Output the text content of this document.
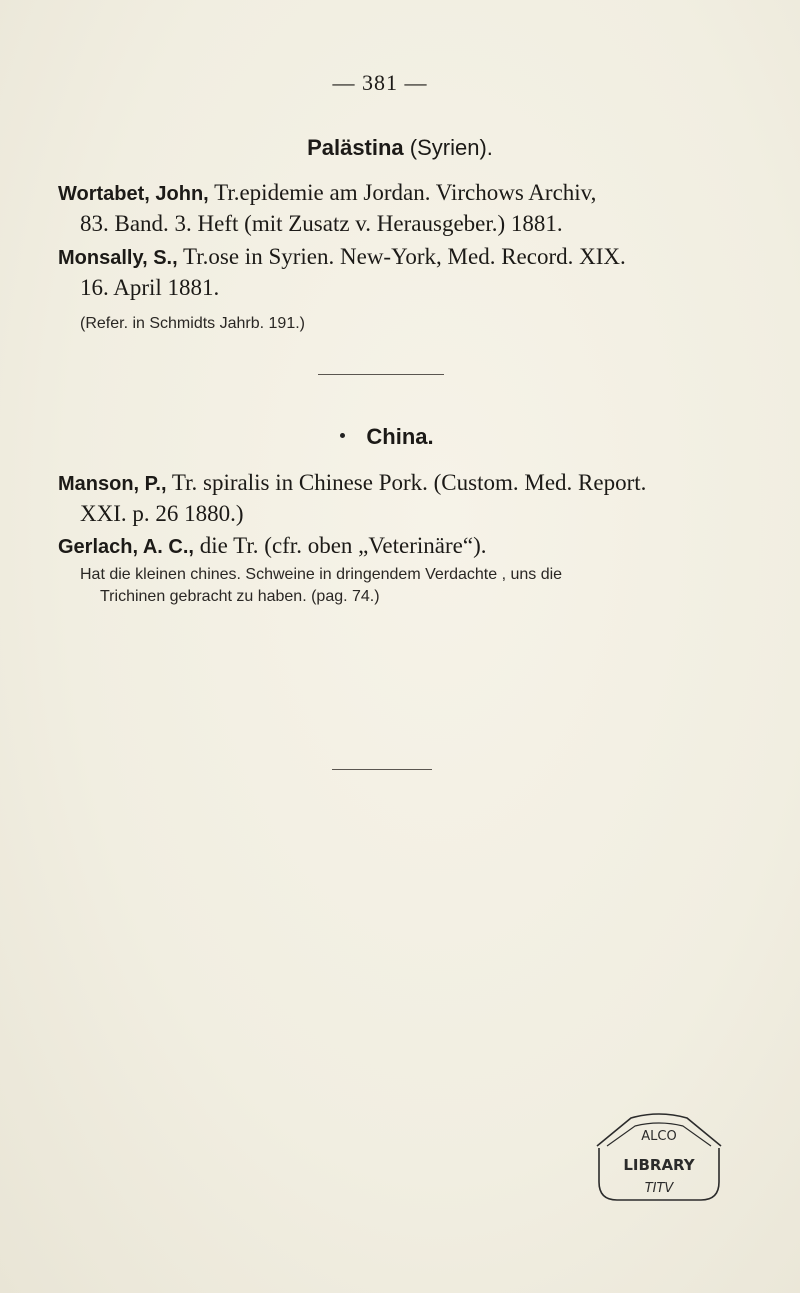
— 381 —
Palästina (Syrien).
Wortabet, John, Tr.epidemie am Jordan. Virchows Archiv,
83. Band. 3. Heft (mit Zusatz v. Herausgeber.) 1881.
Monsally, S., Tr.ose in Syrien. New-York, Med. Record. XIX.
16. April 1881.
(Refer. in Schmidts Jahrb. 191.)
China.
Manson, P., Tr. spiralis in Chinese Pork. (Custom. Med. Report.
XXI. p. 26 1880.)
Gerlach, A. C., die Tr. (cfr. oben „Veterinäre“).
Hat die kleinen chines. Schweine in dringendem Verdachte , uns die
Trichinen gebracht zu haben. (pag. 74.)
ALCO
LIBRARY
TITV
